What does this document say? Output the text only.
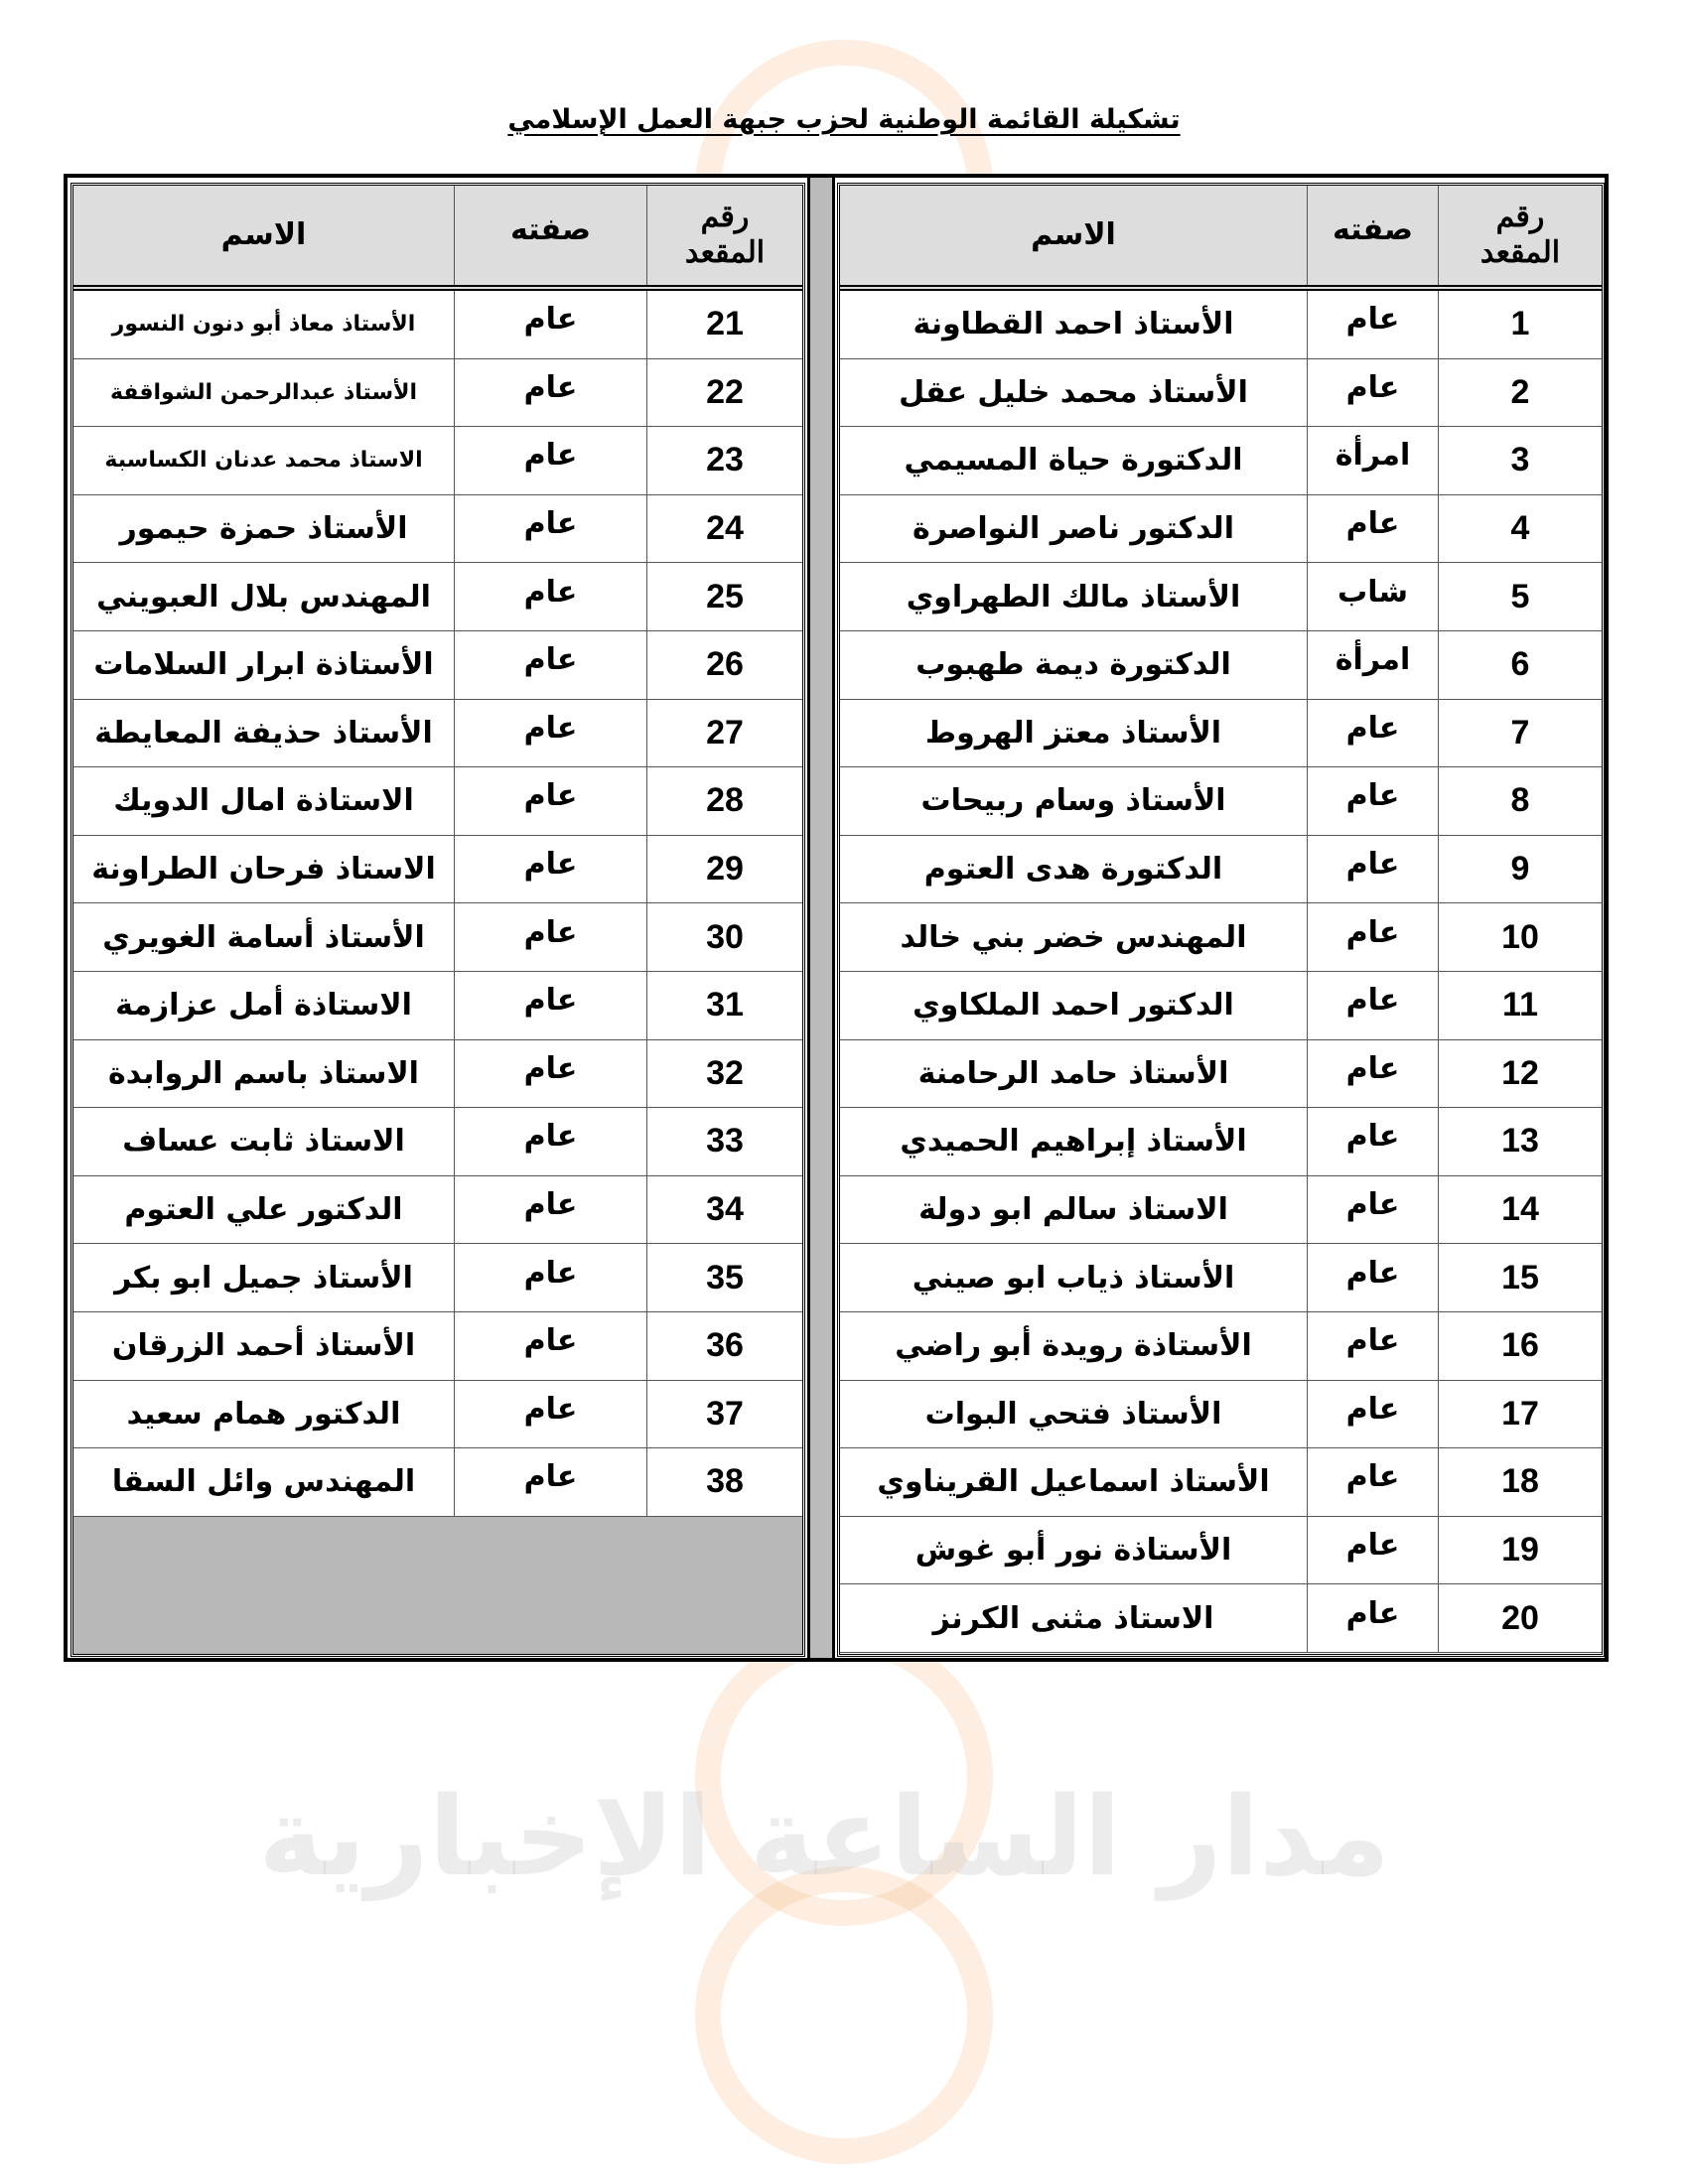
مدار الساعة الإخبارية
تشكيلة القائمة الوطنية لحزب جبهة العمل الإسلامي
رقم
المقعد
صفته
الاسم
1
عام
الأستاذ احمد القطاونة
2
عام
الأستاذ محمد خليل عقل
3
امرأة
الدكتورة حياة المسيمي
4
عام
الدكتور ناصر النواصرة
5
شاب
الأستاذ مالك الطهراوي
6
امرأة
الدكتورة ديمة طهبوب
7
عام
الأستاذ معتز الهروط
8
عام
الأستاذ وسام ربيحات
9
عام
الدكتورة هدى العتوم
10
عام
المهندس خضر بني خالد
11
عام
الدكتور احمد الملكاوي
12
عام
الأستاذ حامد الرحامنة
13
عام
الأستاذ إبراهيم الحميدي
14
عام
الاستاذ سالم ابو دولة
15
عام
الأستاذ ذياب ابو صيني
16
عام
الأستاذة رويدة أبو راضي
17
عام
الأستاذ فتحي البوات
18
عام
الأستاذ اسماعيل القريناوي
19
عام
الأستاذة نور أبو غوش
20
عام
الاستاذ مثنى الكرنز
رقم
المقعد
صفته
الاسم
21
عام
الأستاذ معاذ أبو دنون النسور
22
عام
الأستاذ عبدالرحمن الشواقفة
23
عام
الاستاذ محمد عدنان الكساسبة
24
عام
الأستاذ حمزة حيمور
25
عام
المهندس بلال العبويني
26
عام
الأستاذة ابرار السلامات
27
عام
الأستاذ حذيفة المعايطة
28
عام
الاستاذة امال الدويك
29
عام
الاستاذ فرحان الطراونة
30
عام
الأستاذ أسامة الغويري
31
عام
الاستاذة أمل عزازمة
32
عام
الاستاذ باسم الروابدة
33
عام
الاستاذ ثابت عساف
34
عام
الدكتور علي العتوم
35
عام
الأستاذ جميل ابو بكر
36
عام
الأستاذ أحمد الزرقان
37
عام
الدكتور همام سعيد
38
عام
المهندس وائل السقا
